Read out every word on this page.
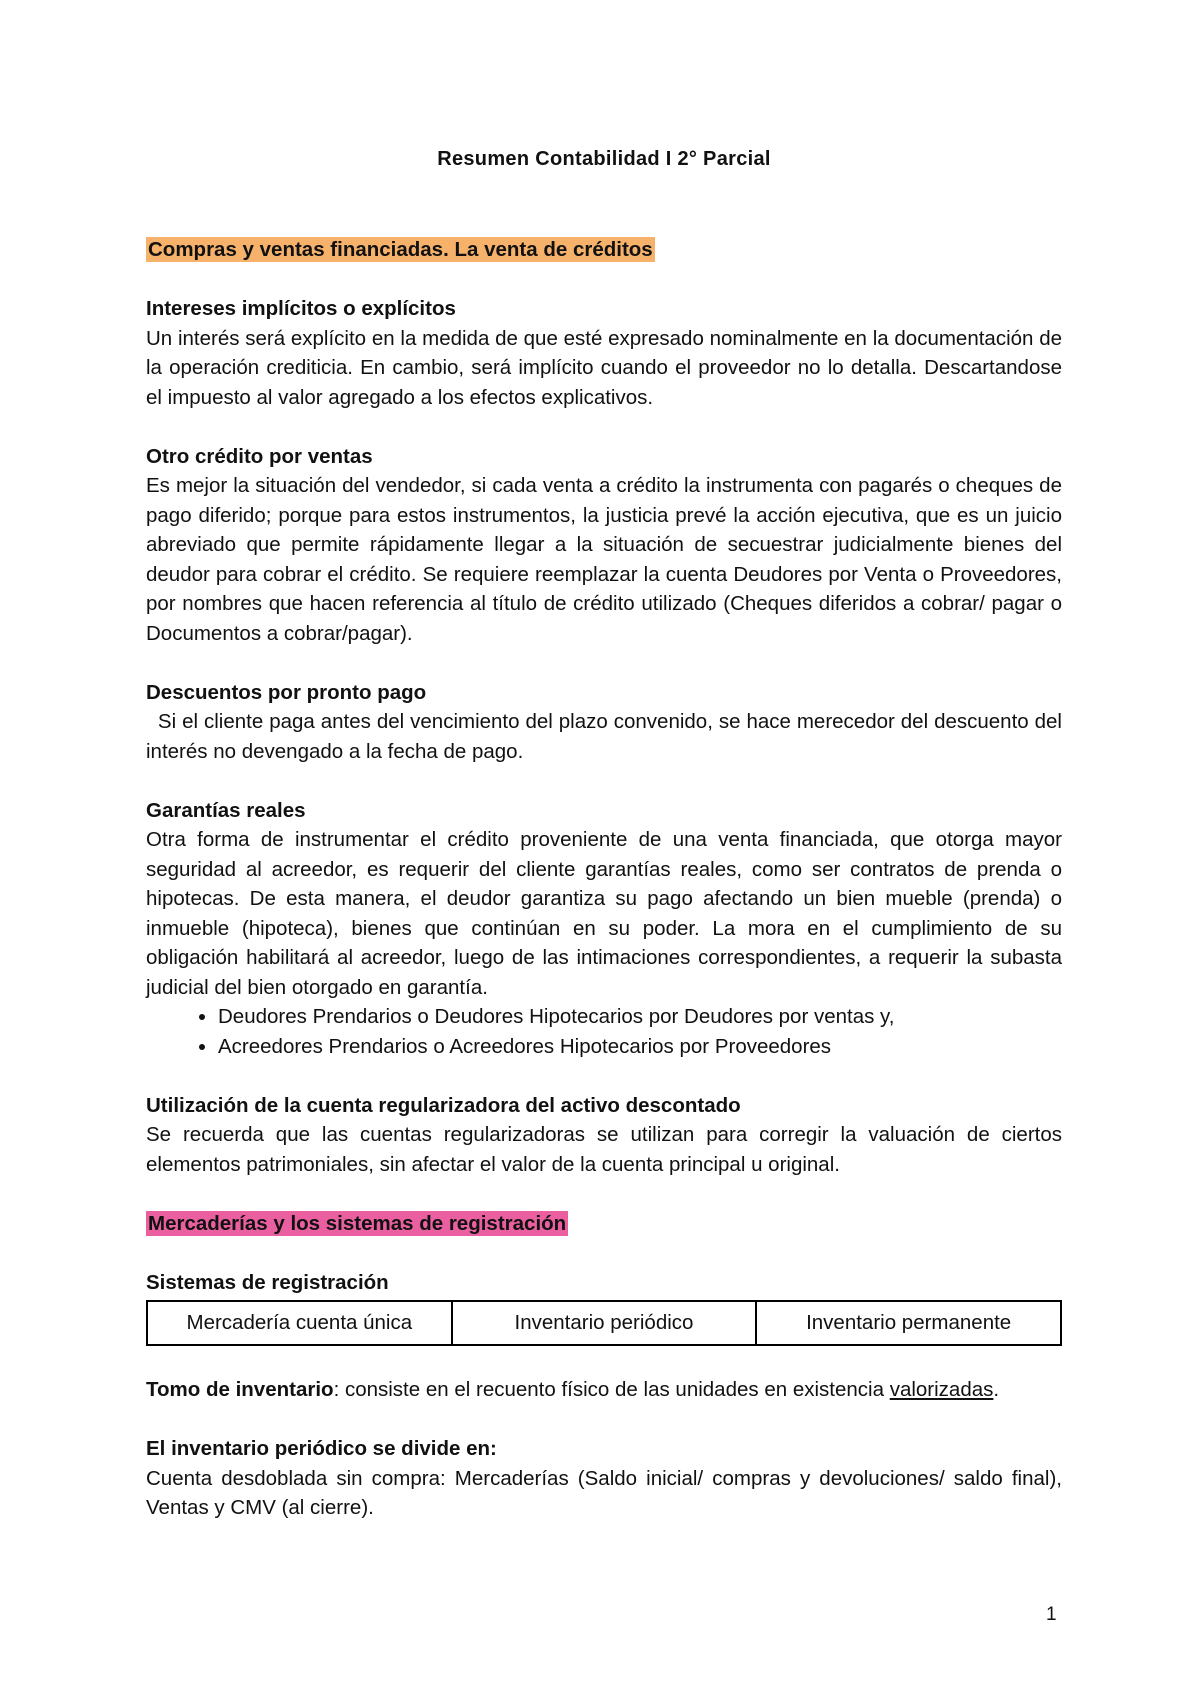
Resumen Contabilidad I 2° Parcial
Compras y ventas financiadas. La venta de créditos
Intereses implícitos o explícitos

Un interés será explícito en la medida de que esté expresado nominalmente en la documentación de la operación crediticia. En cambio, será implícito cuando el proveedor no lo detalla. Descartandose el impuesto al valor agregado a los efectos explicativos.

Otro crédito por ventas

Es mejor la situación del vendedor, si cada venta a crédito la instrumenta con pagarés o cheques de pago diferido; porque para estos instrumentos, la justicia prevé la acción ejecutiva, que es un juicio abreviado que permite rápidamente llegar a la situación de secuestrar judicialmente bienes del deudor para cobrar el crédito. Se requiere reemplazar la cuenta Deudores por Venta o Proveedores, por nombres que hacen referencia al título de crédito utilizado (Cheques diferidos a cobrar/ pagar o Documentos a cobrar/pagar).

Descuentos por pronto pago

Si el cliente paga antes del vencimiento del plazo convenido, se hace merecedor del descuento del interés no devengado a la fecha de pago.

Garantías reales

Otra forma de instrumentar el crédito proveniente de una venta financiada, que otorga mayor seguridad al acreedor, es requerir del cliente garantías reales, como ser contratos de prenda o hipotecas. De esta manera, el deudor garantiza su pago afectando un bien mueble (prenda) o inmueble (hipoteca), bienes que continúan en su poder. La mora en el cumplimiento de su obligación habilitará al acreedor, luego de las intimaciones correspondientes, a requerir la subasta judicial del bien otorgado en garantía.

• Deudores Prendarios o Deudores Hipotecarios por Deudores por ventas y,
• Acreedores Prendarios o Acreedores Hipotecarios por Proveedores
Utilización de la cuenta regularizadora del activo descontado

Se recuerda que las cuentas regularizadoras se utilizan para corregir la valuación de ciertos elementos patrimoniales, sin afectar el valor de la cuenta principal u original.

Mercaderías y los sistemas de registración
Sistemas de registración
Mercadería cuenta única	Inventario periódico	Inventario permanente

Tomo de inventario: consiste en el recuento físico de las unidades en existencia valorizadas.

El inventario periódico se divide en:

Cuenta desdoblada sin compra: Mercaderías (Saldo inicial/ compras y devoluciones/ saldo final), Ventas y CMV (al cierre).

1
